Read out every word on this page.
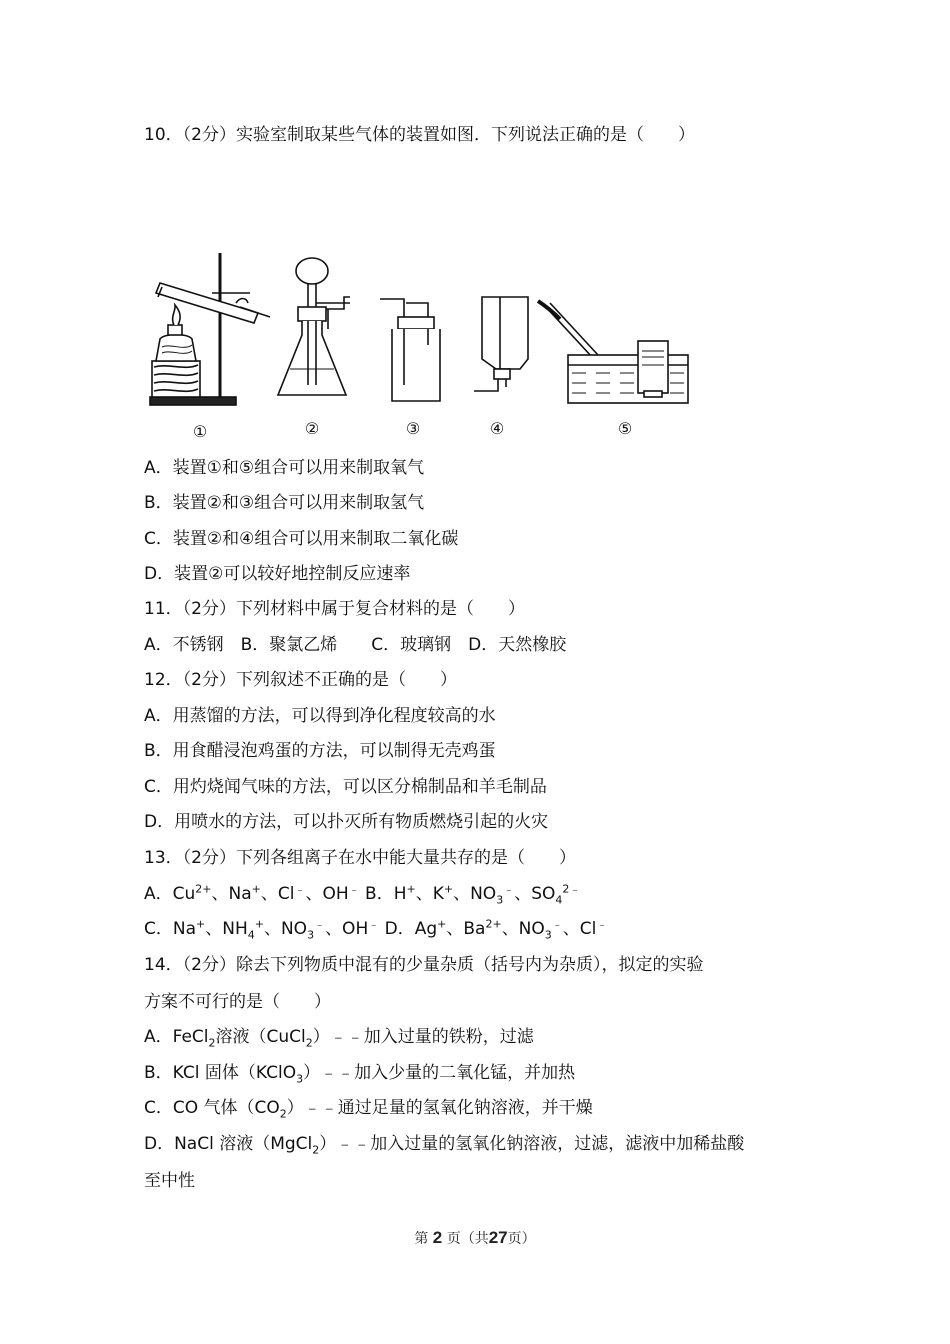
10．（2分）实验室制取某些气体的装置如图．下列说法正确的是（　　）
①	②	③	④	⑤
A．装置①和⑤组合可以用来制取氧气
B．装置②和③组合可以用来制取氢气
C．装置②和④组合可以用来制取二氧化碳
D．装置②可以较好地控制反应速率
11．（2分）下列材料中属于复合材料的是（　　）
A．不锈钢　B．聚氯乙烯　　C．玻璃钢　D．天然橡胶
12．（2分）下列叙述不正确的是（　　）
A．用蒸馏的方法，可以得到净化程度较高的水
B．用食醋浸泡鸡蛋的方法，可以制得无壳鸡蛋
C．用灼烧闻气味的方法，可以区分棉制品和羊毛制品
D．用喷水的方法，可以扑灭所有物质燃烧引起的火灾
13．（2分）下列各组离子在水中能大量共存的是（　　）
A．$Cu^{2+}$、Na+、Cl﹣、OH﹣ B．H+、K+、$NO_3^﹣$、$SO_4^{2﹣}$
C．Na+、$NH_4^+$、$NO_3^﹣$、OH﹣ D．Ag+、$Ba^{2+}$、$NO_3^﹣$、Cl﹣
14．（2分）除去下列物质中混有的少量杂质（括号内为杂质），拟定的实验
方案不可行的是（　　）
A．FeCl$_2$溶液（CuCl$_2$）﹣﹣加入过量的铁粉，过滤
B．KCl 固体（KClO$_3$）﹣﹣加入少量的二氧化锰，并加热
C．CO 气体$(CO_2)﹣﹣$通过足量的氢氧化钠溶液，并干燥
D．NaCl 溶液（MgCl$_2$）﹣﹣加入过量的氢氧化钠溶液，过滤，滤液中加稀盐酸
至中性
第 2 页（共27页）
